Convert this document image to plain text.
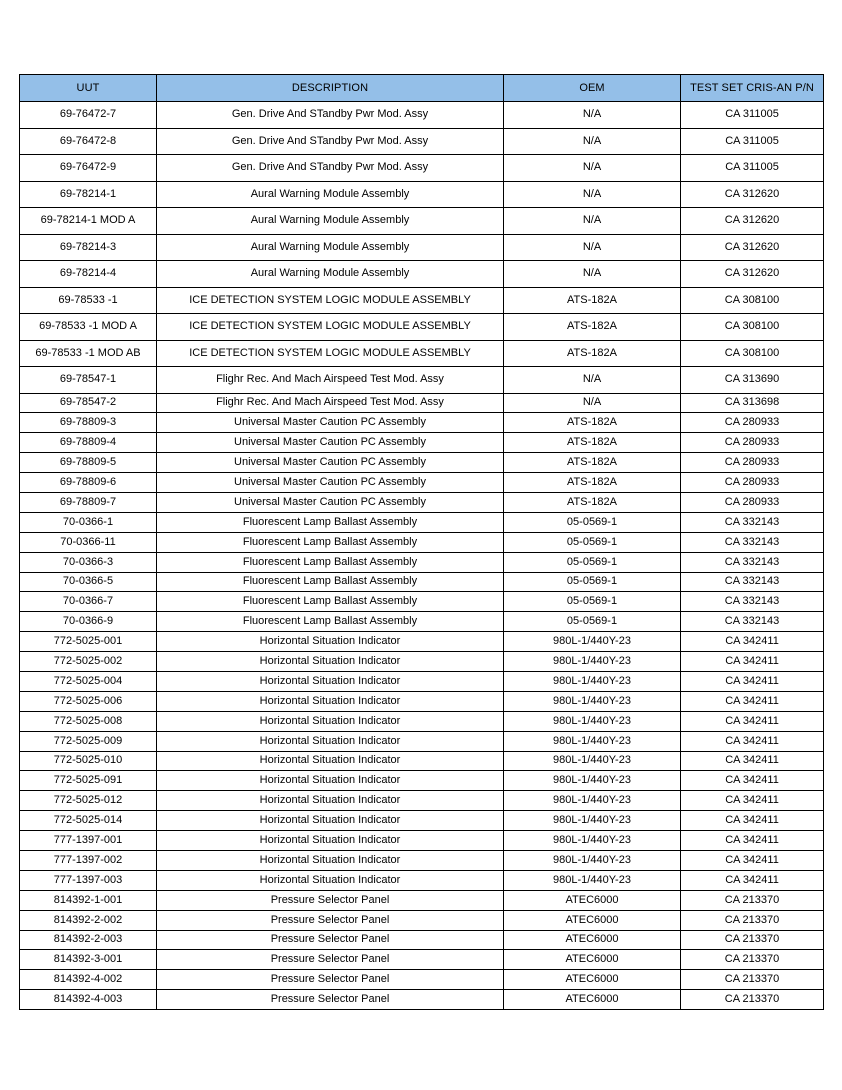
UUT	DESCRIPTION	OEM	TEST SET CRIS-AN P/N
69-76472-7	Gen. Drive And STandby Pwr Mod. Assy	N/A	CA 311005
69-76472-8	Gen. Drive And STandby Pwr Mod. Assy	N/A	CA 311005
69-76472-9	Gen. Drive And STandby Pwr Mod. Assy	N/A	CA 311005
69-78214-1	Aural Warning Module Assembly	N/A	CA 312620
69-78214-1 MOD A	Aural Warning Module Assembly	N/A	CA 312620
69-78214-3	Aural Warning Module Assembly	N/A	CA 312620
69-78214-4	Aural Warning Module Assembly	N/A	CA 312620
69-78533 -1	ICE DETECTION SYSTEM LOGIC MODULE ASSEMBLY	ATS-182A	CA 308100
69-78533 -1 MOD A	ICE DETECTION SYSTEM LOGIC MODULE ASSEMBLY	ATS-182A	CA 308100
69-78533 -1 MOD AB	ICE DETECTION SYSTEM LOGIC MODULE ASSEMBLY	ATS-182A	CA 308100
69-78547-1	Flighr Rec. And Mach Airspeed Test Mod. Assy	N/A	CA 313690
69-78547-2	Flighr Rec. And Mach Airspeed Test Mod. Assy	N/A	CA 313698
69-78809-3	Universal Master Caution PC Assembly	ATS-182A	CA 280933
69-78809-4	Universal Master Caution PC Assembly	ATS-182A	CA 280933
69-78809-5	Universal Master Caution PC Assembly	ATS-182A	CA 280933
69-78809-6	Universal Master Caution PC Assembly	ATS-182A	CA 280933
69-78809-7	Universal Master Caution PC Assembly	ATS-182A	CA 280933
70-0366-1	Fluorescent Lamp Ballast Assembly	05-0569-1	CA 332143
70-0366-11	Fluorescent Lamp Ballast Assembly	05-0569-1	CA 332143
70-0366-3	Fluorescent Lamp Ballast Assembly	05-0569-1	CA 332143
70-0366-5	Fluorescent Lamp Ballast Assembly	05-0569-1	CA 332143
70-0366-7	Fluorescent Lamp Ballast Assembly	05-0569-1	CA 332143
70-0366-9	Fluorescent Lamp Ballast Assembly	05-0569-1	CA 332143
772-5025-001	Horizontal Situation Indicator	980L-1/440Y-23	CA 342411
772-5025-002	Horizontal Situation Indicator	980L-1/440Y-23	CA 342411
772-5025-004	Horizontal Situation Indicator	980L-1/440Y-23	CA 342411
772-5025-006	Horizontal Situation Indicator	980L-1/440Y-23	CA 342411
772-5025-008	Horizontal Situation Indicator	980L-1/440Y-23	CA 342411
772-5025-009	Horizontal Situation Indicator	980L-1/440Y-23	CA 342411
772-5025-010	Horizontal Situation Indicator	980L-1/440Y-23	CA 342411
772-5025-091	Horizontal Situation Indicator	980L-1/440Y-23	CA 342411
772-5025-012	Horizontal Situation Indicator	980L-1/440Y-23	CA 342411
772-5025-014	Horizontal Situation Indicator	980L-1/440Y-23	CA 342411
777-1397-001	Horizontal Situation Indicator	980L-1/440Y-23	CA 342411
777-1397-002	Horizontal Situation Indicator	980L-1/440Y-23	CA 342411
777-1397-003	Horizontal Situation Indicator	980L-1/440Y-23	CA 342411
814392-1-001	Pressure Selector Panel	ATEC6000	CA 213370
814392-2-002	Pressure Selector Panel	ATEC6000	CA 213370
814392-2-003	Pressure Selector Panel	ATEC6000	CA 213370
814392-3-001	Pressure Selector Panel	ATEC6000	CA 213370
814392-4-002	Pressure Selector Panel	ATEC6000	CA 213370
814392-4-003	Pressure Selector Panel	ATEC6000	CA 213370
